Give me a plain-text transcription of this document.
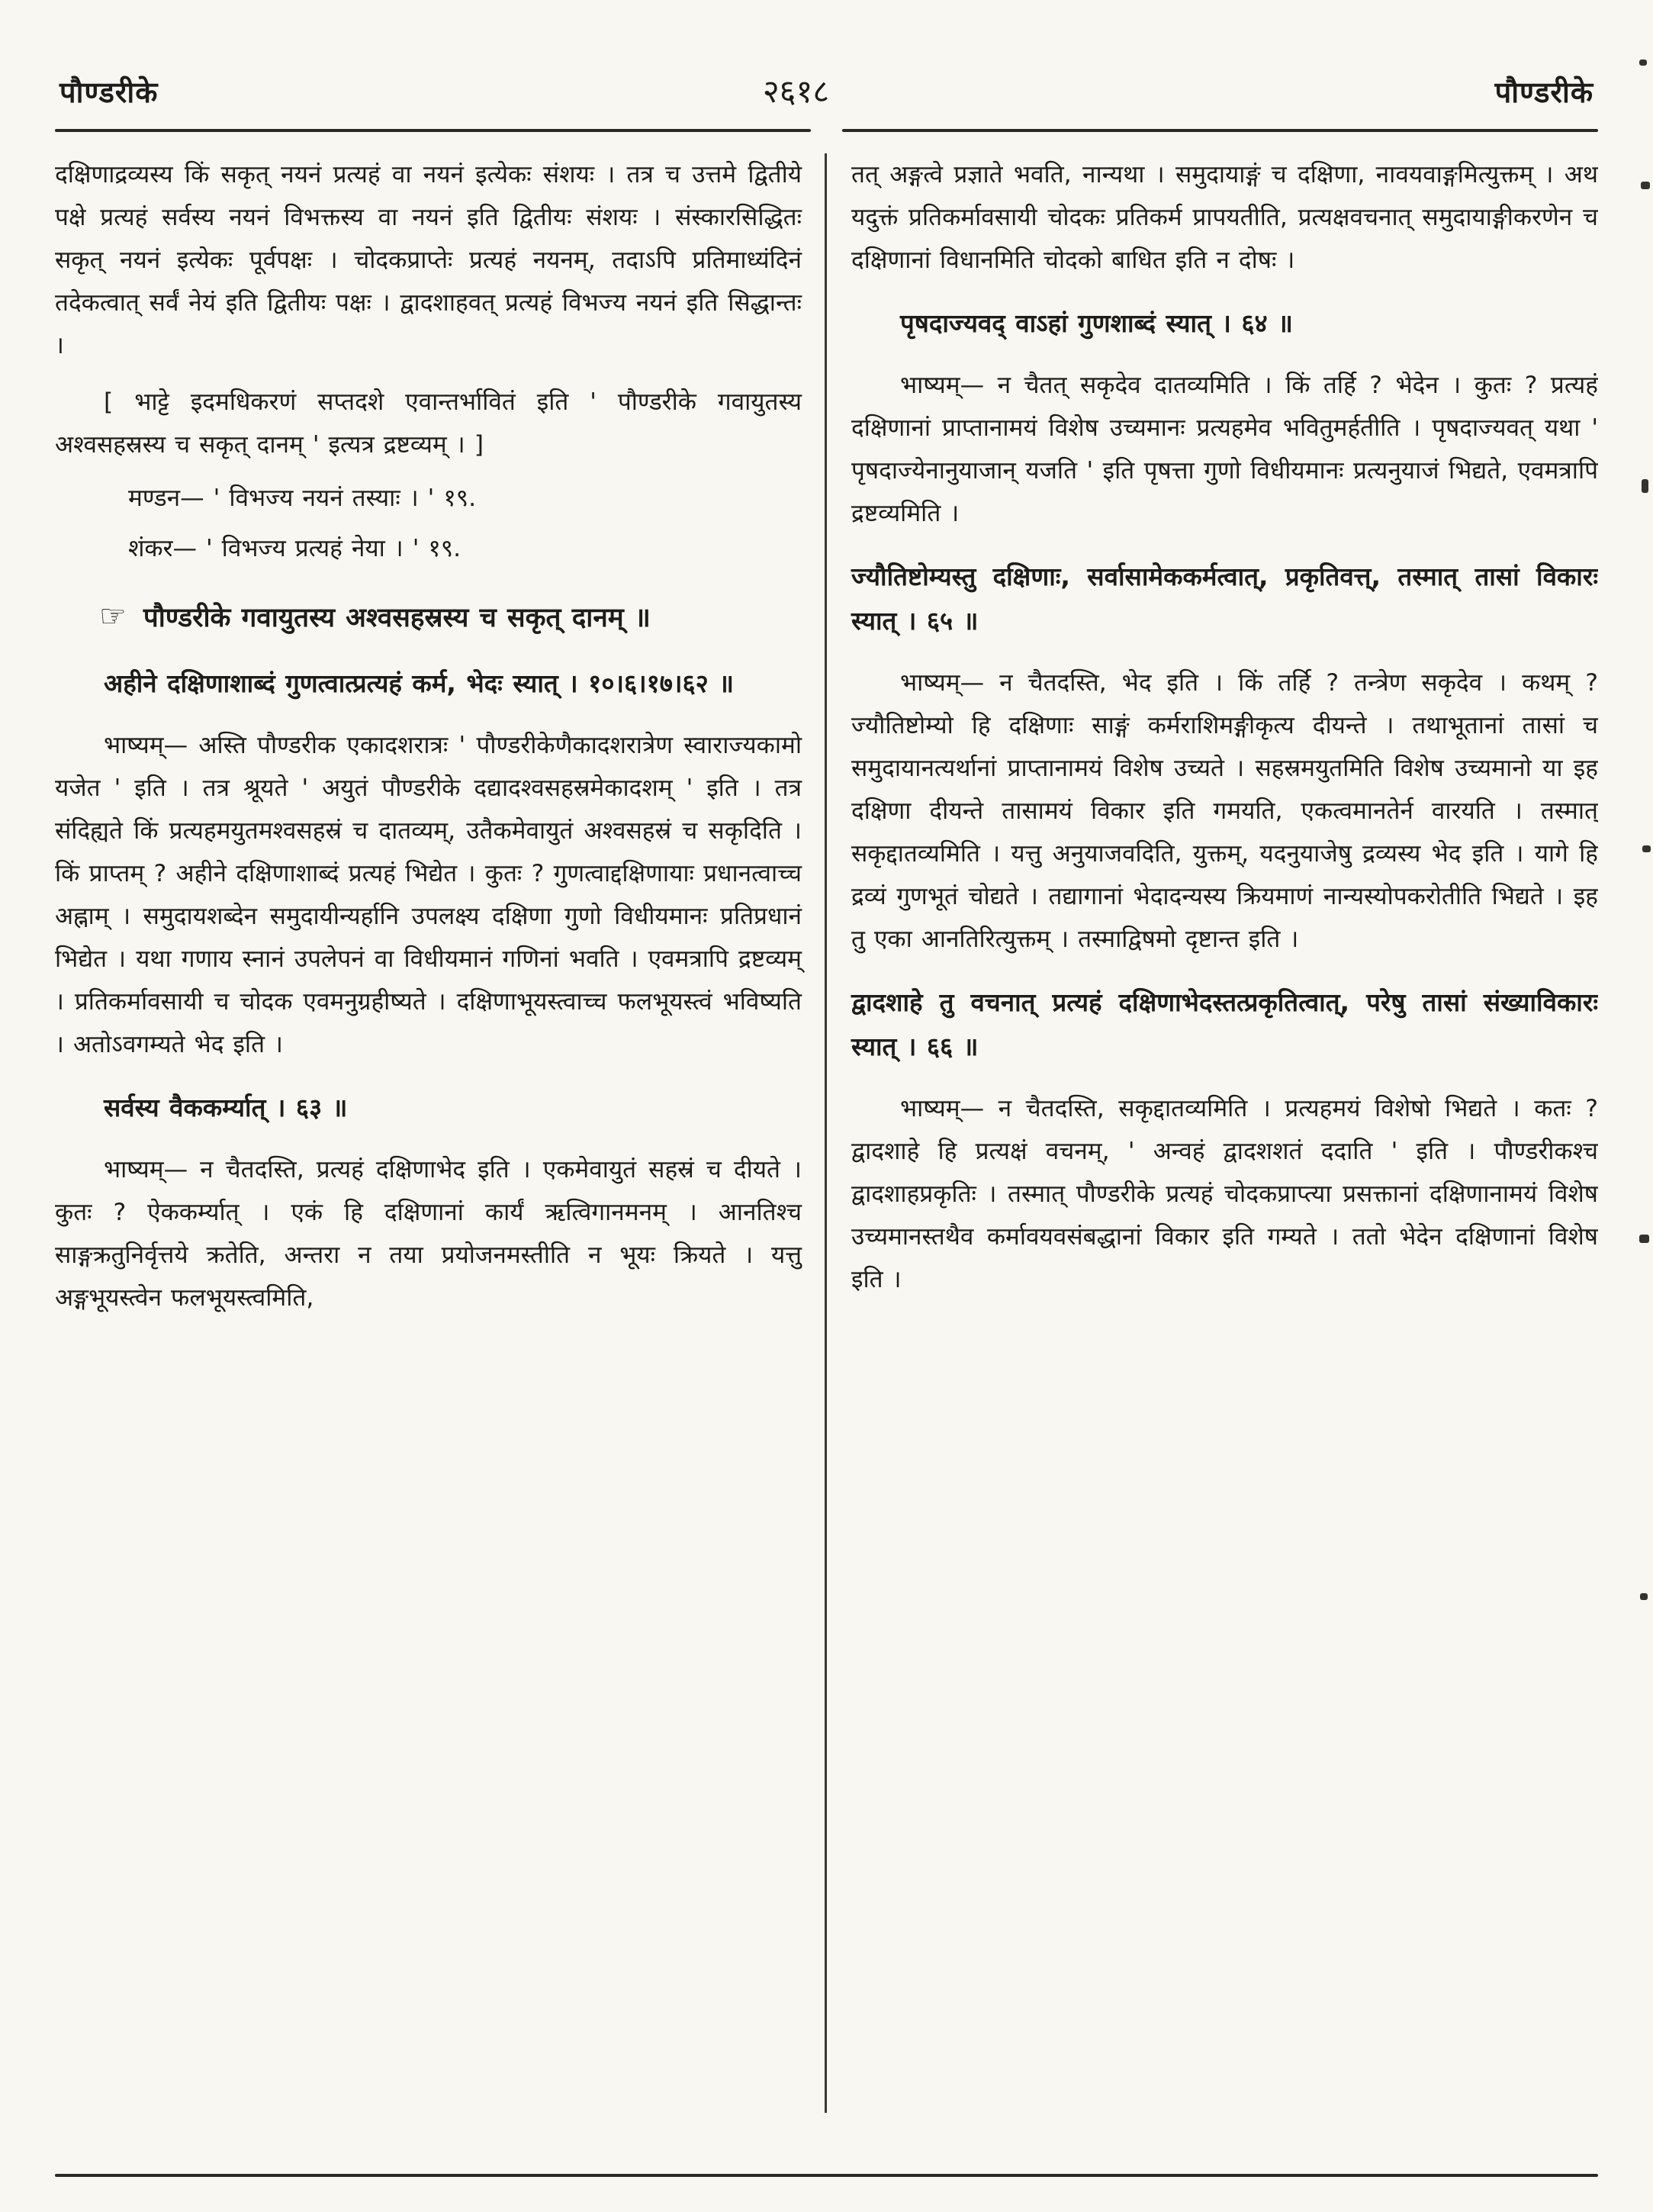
पौण्डरीके	२६१८	पौण्डरीके

दक्षिणाद्रव्यस्य किं सकृत् नयनं प्रत्यहं वा नयनं इत्येकः संशयः । तत्र च उत्तमे द्वितीये पक्षे प्रत्यहं सर्वस्य नयनं विभक्तस्य वा नयनं इति द्वितीयः संशयः । संस्कारसिद्धितः सकृत् नयनं इत्येकः पूर्वपक्षः । चोदकप्राप्तेः प्रत्यहं नयनम्, तदाऽपि प्रतिमाध्यंदिनं तदेकत्वात् सर्वं नेयं इति द्वितीयः पक्षः । द्वादशाहवत् प्रत्यहं विभज्य नयनं इति सिद्धान्तः ।

[ भाट्टे इदमधिकरणं सप्तदशे एवान्तर्भावितं इति ' पौण्डरीके गवायुतस्य अश्वसहस्रस्य च सकृत् दानम् ' इत्यत्र द्रष्टव्यम् । ]

मण्डन— ' विभज्य नयनं तस्याः । ' १९.

शंकर— ' विभज्य प्रत्यहं नेया । ' १९.

☞ पौण्डरीके गवायुतस्य अश्वसहस्रस्य च सकृत् दानम् ॥

अहीने दक्षिणाशाब्दं गुणत्वात्प्रत्यहं कर्म, भेदः स्यात् । १०।६।१७।६२ ॥

भाष्यम्— अस्ति पौण्डरीक एकादशरात्रः ' पौण्डरीकेणैकादशरात्रेण स्वाराज्यकामो यजेत ' इति । तत्र श्रूयते ' अयुतं पौण्डरीके दद्यादश्वसहस्रमेकादशम् ' इति । तत्र संदिह्यते किं प्रत्यहमयुतमश्वसहस्रं च दातव्यम्, उतैकमेवायुतं अश्वसहस्रं च सकृदिति । किं प्राप्तम् ? अहीने दक्षिणाशाब्दं प्रत्यहं भिद्येत । कुतः ? गुणत्वाद्दक्षिणायाः प्रधानत्वाच्च अह्नाम् । समुदायशब्देन समुदायीन्यर्हानि उपलक्ष्य दक्षिणा गुणो विधीयमानः प्रतिप्रधानं भिद्येत । यथा गणाय स्नानं उपलेपनं वा विधीयमानं गणिनां भवति । एवमत्रापि द्रष्टव्यम् । प्रतिकर्मावसायी च चोदक एवमनुग्रहीष्यते । दक्षिणाभूयस्त्वाच्च फलभूयस्त्वं भविष्यति । अतोऽवगम्यते भेद इति ।

सर्वस्य वैककर्म्यात् । ६३ ॥

भाष्यम्— न चैतदस्ति, प्रत्यहं दक्षिणाभेद इति । एकमेवायुतं सहस्रं च दीयते । कुतः ? ऐककर्म्यात् । एकं हि दक्षिणानां कार्यं ऋत्विगानमनम् । आनतिश्च साङ्गक्रतुनिर्वृत्तये क्रतेति, अन्तरा न तया प्रयोजनमस्तीति न भूयः क्रियते । यत्तु अङ्गभूयस्त्वेन फलभूयस्त्वमिति,

तत् अङ्गत्वे प्रज्ञाते भवति, नान्यथा । समुदायाङ्गं च दक्षिणा, नावयवाङ्गमित्युक्तम् । अथ यदुक्तं प्रतिकर्मावसायी चोदकः प्रतिकर्म प्रापयतीति, प्रत्यक्षवचनात् समुदायाङ्गीकरणेन च दक्षिणानां विधानमिति चोदको बाधित इति न दोषः ।

पृषदाज्यवद् वाऽहां गुणशाब्दं स्यात् । ६४ ॥

भाष्यम्— न चैतत् सकृदेव दातव्यमिति । किं तर्हि ? भेदेन । कुतः ? प्रत्यहं दक्षिणानां प्राप्तानामयं विशेष उच्यमानः प्रत्यहमेव भवितुमर्हतीति । पृषदाज्यवत् यथा ' पृषदाज्येनानुयाजान् यजति ' इति पृषत्ता गुणो विधीयमानः प्रत्यनुयाजं भिद्यते, एवमत्रापि द्रष्टव्यमिति ।

ज्यौतिष्टोम्यस्तु दक्षिणाः, सर्वासामेककर्मत्वात्, प्रकृतिवत्त्, तस्मात् तासां विकारः स्यात् । ६५ ॥

भाष्यम्— न चैतदस्ति, भेद इति । किं तर्हि ? तन्त्रेण सकृदेव । कथम् ? ज्यौतिष्टोम्यो हि दक्षिणाः साङ्गं कर्मराशिमङ्गीकृत्य दीयन्ते । तथाभूतानां तासां च समुदायानत्यर्थानां प्राप्तानामयं विशेष उच्यते । सहस्रमयुतमिति विशेष उच्यमानो या इह दक्षिणा दीयन्ते तासामयं विकार इति गमयति, एकत्वमानतेर्न वारयति । तस्मात् सकृद्दातव्यमिति । यत्तु अनुयाजवदिति, युक्तम्, यदनुयाजेषु द्रव्यस्य भेद इति । यागे हि द्रव्यं गुणभूतं चोद्यते । तद्यागानां भेदादन्यस्य क्रियमाणं नान्यस्योपकरोतीति भिद्यते । इह तु एका आनतिरित्युक्तम् । तस्माद्विषमो दृष्टान्त इति ।

द्वादशाहे तु वचनात् प्रत्यहं दक्षिणाभेदस्तत्प्रकृतित्वात्, परेषु तासां संख्याविकारः स्यात् । ६६ ॥

भाष्यम्— न चैतदस्ति, सकृद्दातव्यमिति । प्रत्यहमयं विशेषो भिद्यते । कतः ? द्वादशाहे हि प्रत्यक्षं वचनम्, ' अन्वहं द्वादशशतं ददाति ' इति । पौण्डरीकश्च द्वादशाहप्रकृतिः । तस्मात् पौण्डरीके प्रत्यहं चोदकप्राप्त्या प्रसक्तानां दक्षिणानामयं विशेष उच्यमानस्तथैव कर्मावयवसंबद्धानां विकार इति गम्यते । ततो भेदेन दक्षिणानां विशेष इति ।
